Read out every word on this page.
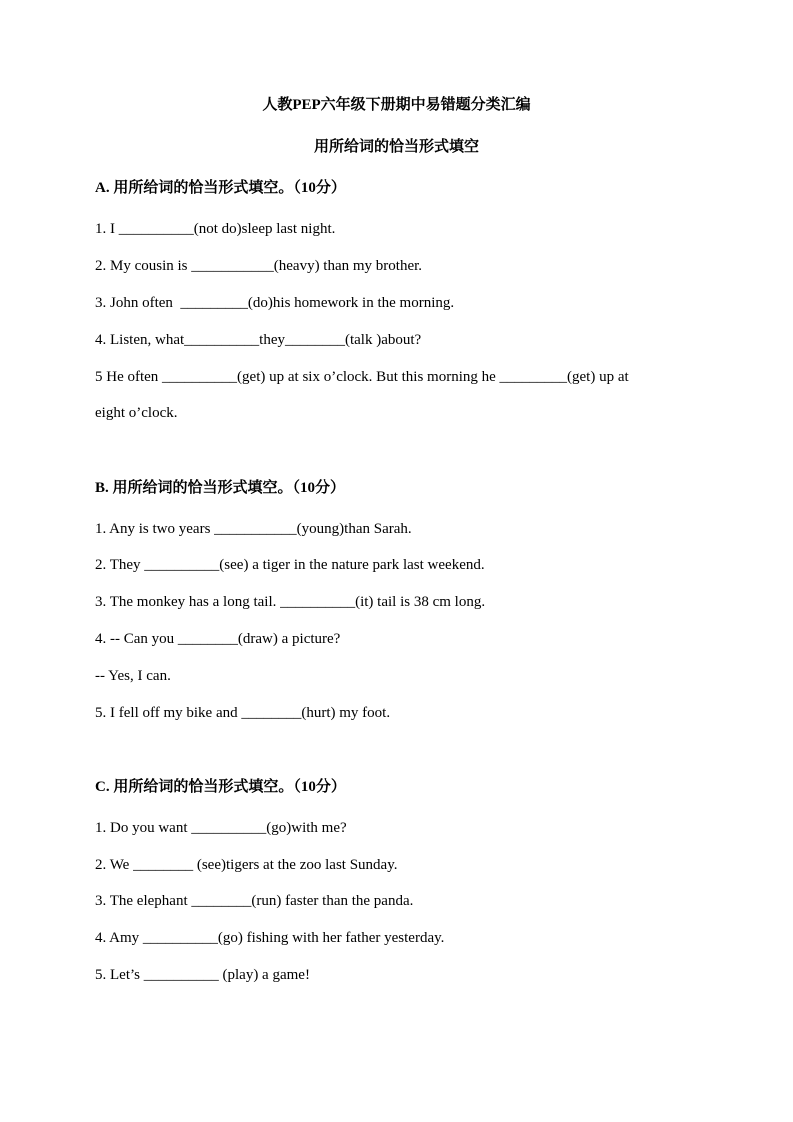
人教PEP六年级下册期中易错题分类汇编
用所给词的恰当形式填空
A. 用所给词的恰当形式填空。（10分）
1. I __________(not do)sleep last night.
2. My cousin is ___________(heavy) than my brother.
3. John often  _________(do)his homework in the morning.
4. Listen, what__________they________(talk )about?
5 He often __________(get) up at six o’clock. But this morning he _________(get) up at
eight o’clock.
B. 用所给词的恰当形式填空。（10分）
1. Any is two years ___________(young)than Sarah.
2. They __________(see) a tiger in the nature park last weekend.
3. The monkey has a long tail. __________(it) tail is 38 cm long.
4. -- Can you ________(draw) a picture?
-- Yes, I can.
5. I fell off my bike and ________(hurt) my foot.
C. 用所给词的恰当形式填空。（10分）
1. Do you want __________(go)with me?
2. We ________ (see)tigers at the zoo last Sunday.
3. The elephant ________(run) faster than the panda.
4. Amy __________(go) fishing with her father yesterday.
5. Let’s __________ (play) a game!
